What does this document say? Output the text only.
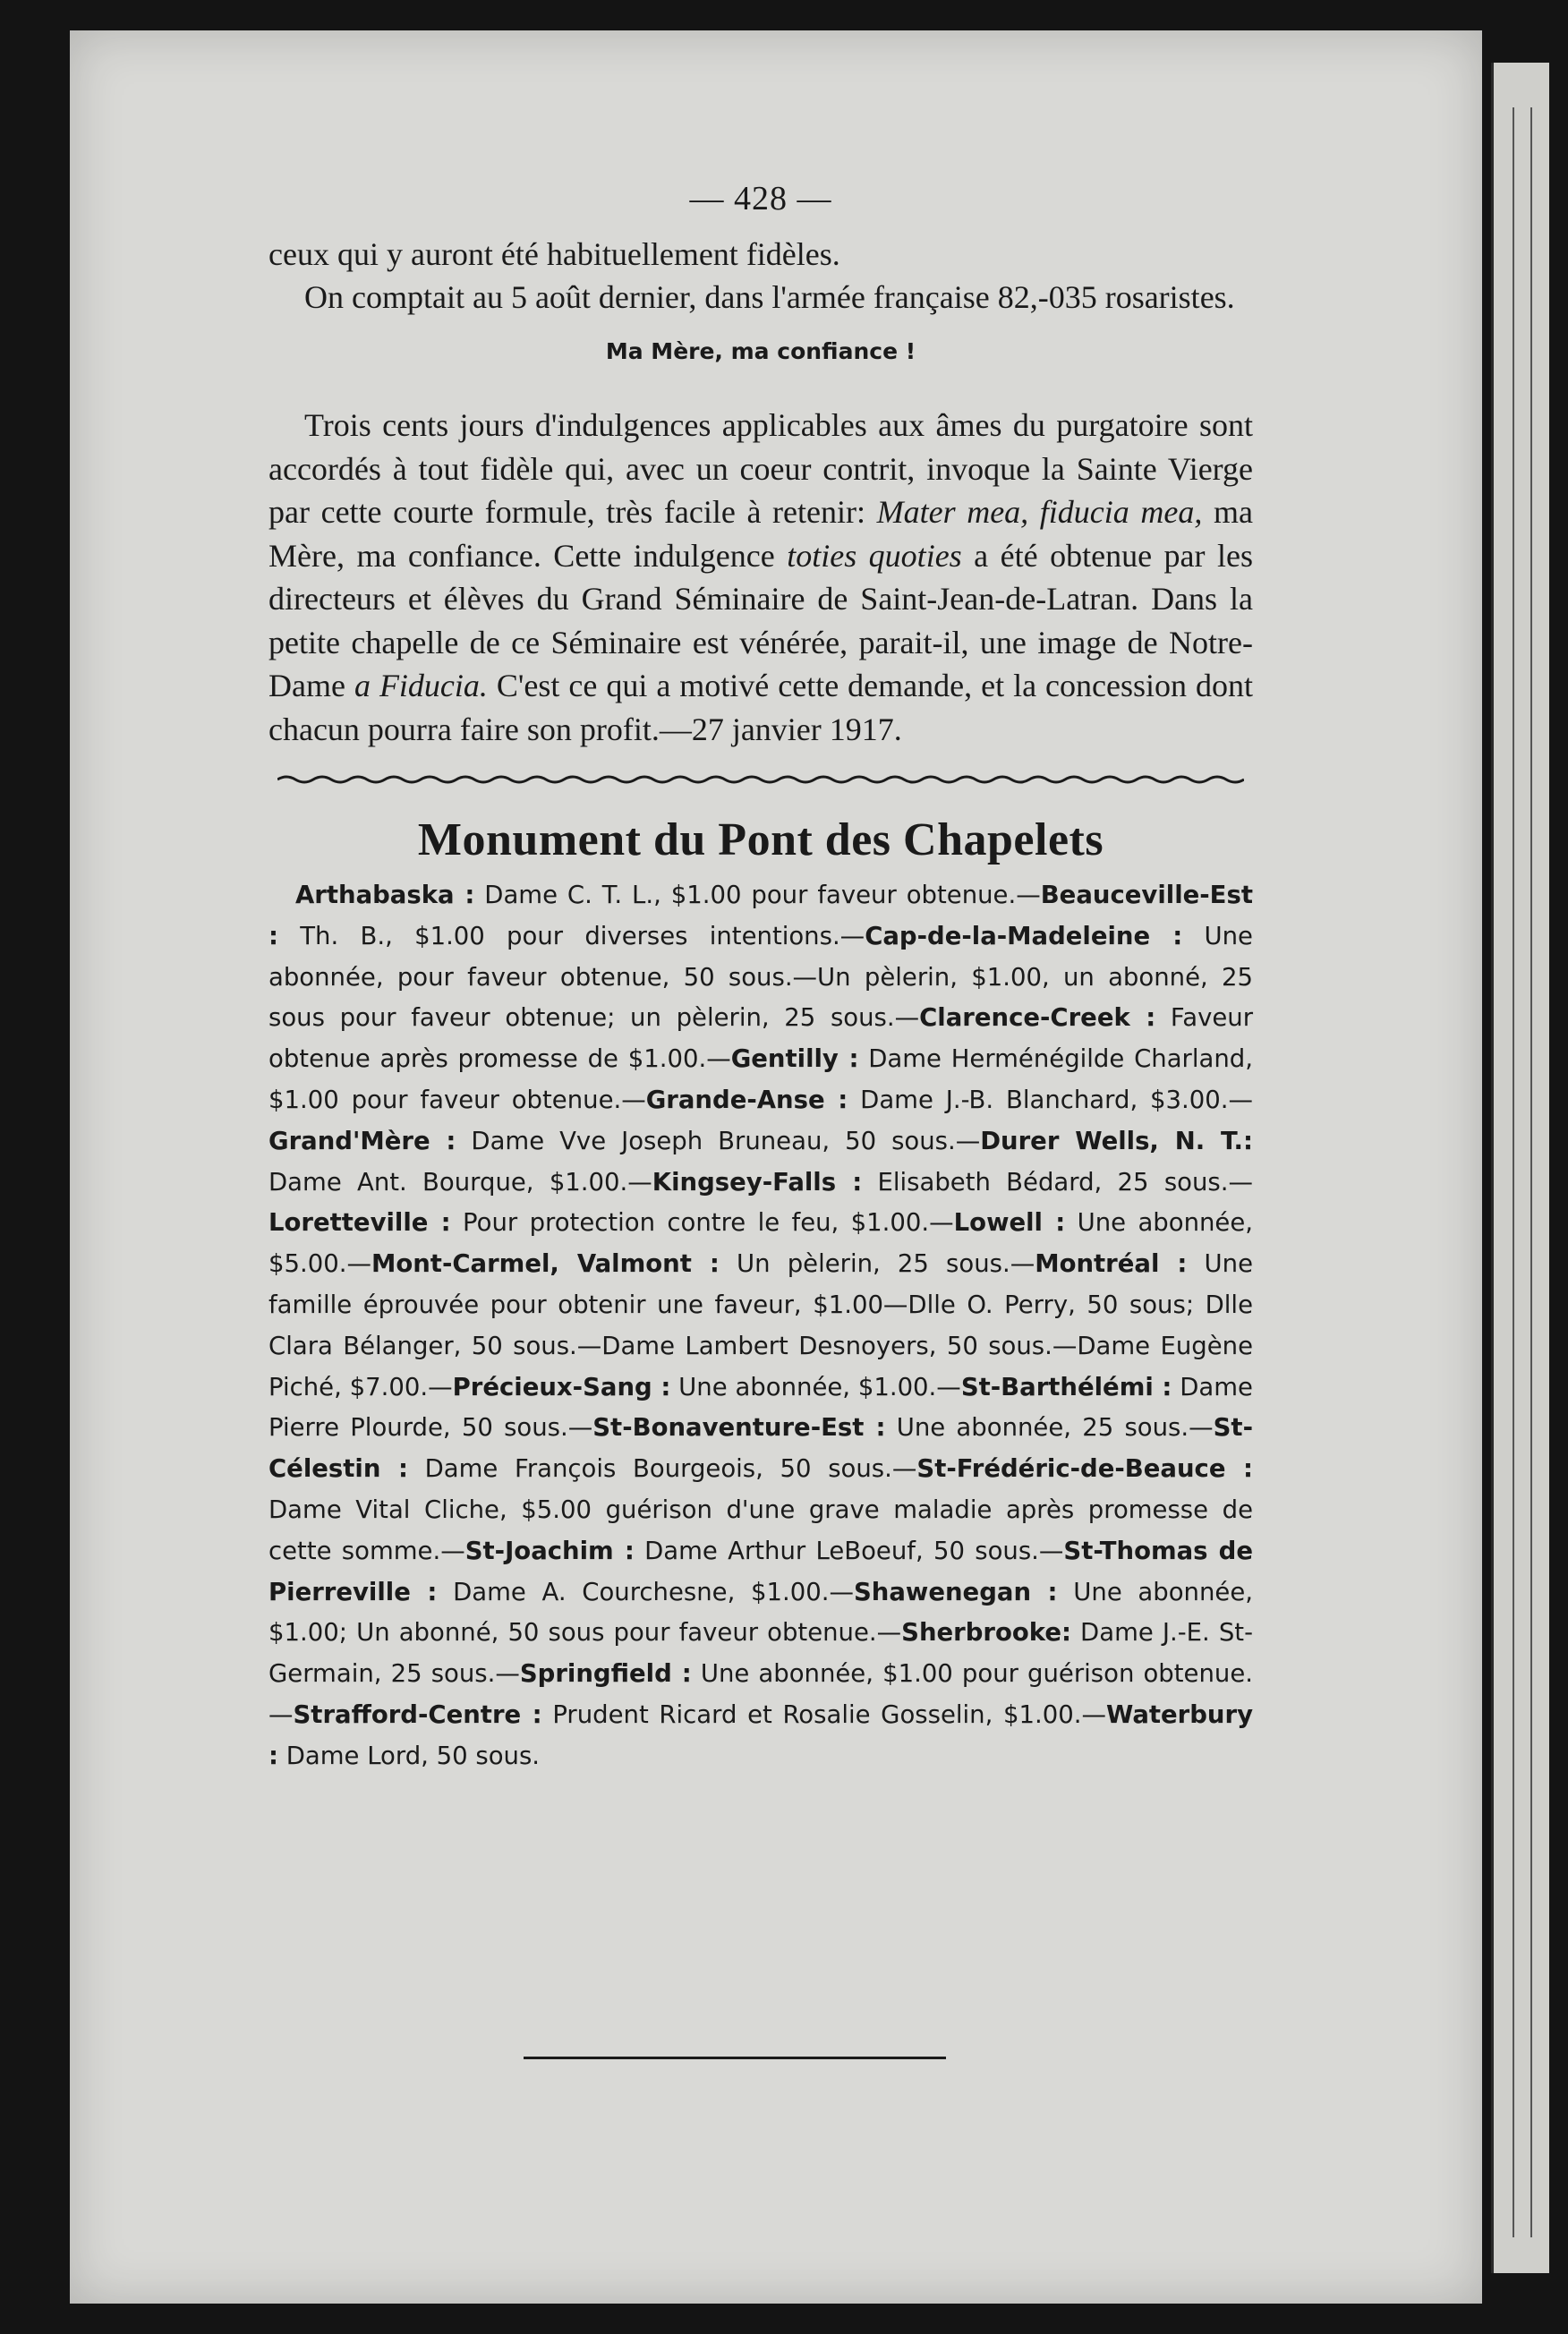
— 428 —

ceux qui y auront été habituellement fidèles.

On comptait au 5 août dernier, dans l'armée française 82,-035 rosaristes.

Ma Mère, ma confiance !

Trois cents jours d'indulgences applicables aux âmes du purgatoire sont accordés à tout fidèle qui, avec un coeur contrit, invoque la Sainte Vierge par cette courte formule, très facile à retenir: Mater mea, fiducia mea, ma Mère, ma confiance. Cette indulgence toties quoties a été obtenue par les directeurs et élèves du Grand Séminaire de Saint-Jean-de-Latran. Dans la petite chapelle de ce Séminaire est vénérée, parait-il, une image de Notre-Dame a Fiducia. C'est ce qui a motivé cette demande, et la concession dont chacun pourra faire son profit.—27 janvier 1917.

Monument du Pont des Chapelets

Arthabaska : Dame C. T. L., $1.00 pour faveur obtenue.—Beauceville-Est : Th. B., $1.00 pour diverses intentions.—Cap-de-la-Madeleine : Une abonnée, pour faveur obtenue, 50 sous.—Un pèlerin, $1.00, un abonné, 25 sous pour faveur obtenue; un pèlerin, 25 sous.—Clarence-Creek : Faveur obtenue après promesse de $1.00.—Gentilly : Dame Herménégilde Charland, $1.00 pour faveur obtenue.—Grande-Anse : Dame J.-B. Blanchard, $3.00.—Grand'Mère : Dame Vve Joseph Bruneau, 50 sous.—Durer Wells, N. T.: Dame Ant. Bourque, $1.00.—Kingsey-Falls : Elisabeth Bédard, 25 sous.—Loretteville : Pour protection contre le feu, $1.00.—Lowell : Une abonnée, $5.00.—Mont-Carmel, Valmont : Un pèlerin, 25 sous.—Montréal : Une famille éprouvée pour obtenir une faveur, $1.00—Dlle O. Perry, 50 sous; Dlle Clara Bélanger, 50 sous.—Dame Lambert Desnoyers, 50 sous.—Dame Eugène Piché, $7.00.—Précieux-Sang : Une abonnée, $1.00.—St-Barthélémi : Dame Pierre Plourde, 50 sous.—St-Bonaventure-Est : Une abonnée, 25 sous.—St-Célestin : Dame François Bourgeois, 50 sous.—St-Frédéric-de-Beauce : Dame Vital Cliche, $5.00 guérison d'une grave maladie après promesse de cette somme.—St-Joachim : Dame Arthur LeBoeuf, 50 sous.—St-Thomas de Pierreville : Dame A. Courchesne, $1.00.—Shawenegan : Une abonnée, $1.00; Un abonné, 50 sous pour faveur obtenue.—Sherbrooke: Dame J.-E. St-Germain, 25 sous.—Springfield : Une abonnée, $1.00 pour guérison obtenue.—Strafford-Centre : Prudent Ricard et Rosalie Gosselin, $1.00.—Waterbury : Dame Lord, 50 sous.
